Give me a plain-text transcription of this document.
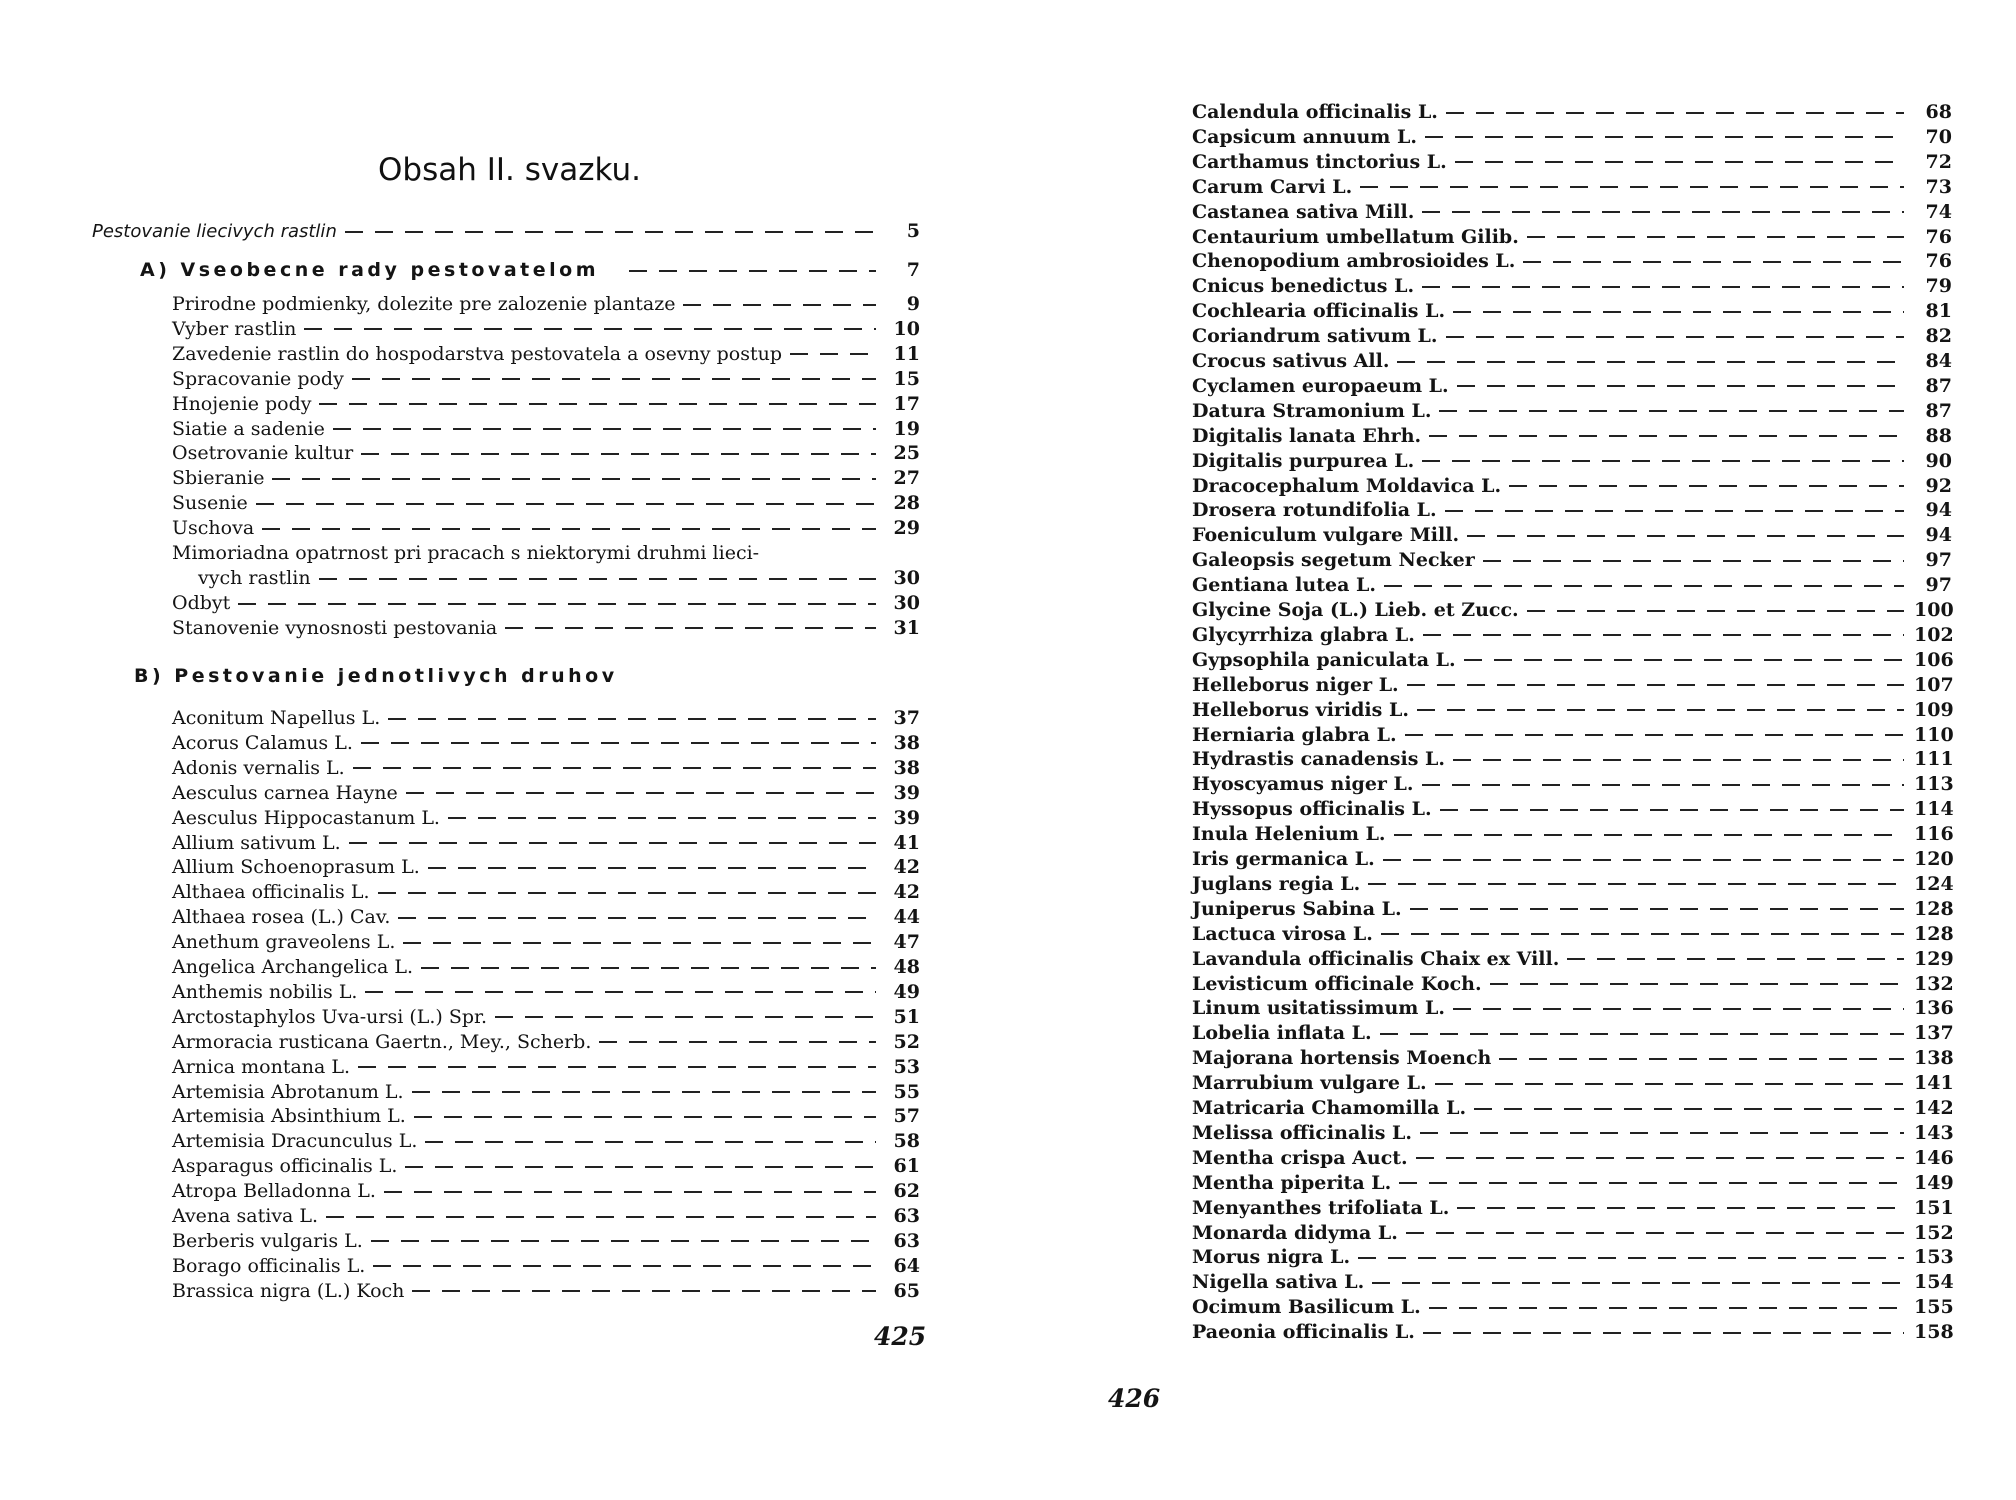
Obsah II. svazku.
Pestovanie liecivych rastlin	5
A) Vseobecne rady pestovatelom	7
Prirodne podmienky, dolezite pre zalozenie plantaze	9
Vyber rastlin	10
Zavedenie rastlin do hospodarstva pestovatela a osevny postup	11
Spracovanie pody	15
Hnojenie pody	17
Siatie a sadenie	19
Osetrovanie kultur	25
Sbieranie	27
Susenie	28
Uschova	29
Mimoriadna opatrnost pri pracach s niektorymi druhmi lieci-
vych rastlin	30
Odbyt	30
Stanovenie vynosnosti pestovania	31
B) Pestovanie jednotlivych druhov
Aconitum Napellus L.	37
Acorus Calamus L.	38
Adonis vernalis L.	38
Aesculus carnea Hayne	39
Aesculus Hippocastanum L.	39
Allium sativum L.	41
Allium Schoenoprasum L.	42
Althaea officinalis L.	42
Althaea rosea (L.) Cav.	44
Anethum graveolens L.	47
Angelica Archangelica L.	48
Anthemis nobilis L.	49
Arctostaphylos Uva-ursi (L.) Spr.	51
Armoracia rusticana Gaertn., Mey., Scherb.	52
Arnica montana L.	53
Artemisia Abrotanum L.	55
Artemisia Absinthium L.	57
Artemisia Dracunculus L.	58
Asparagus officinalis L.	61
Atropa Belladonna L.	62
Avena sativa L.	63
Berberis vulgaris L.	63
Borago officinalis L.	64
Brassica nigra (L.) Koch	65
425
Calendula officinalis L.	68
Capsicum annuum L.	70
Carthamus tinctorius L.	72
Carum Carvi L.	73
Castanea sativa Mill.	74
Centaurium umbellatum Gilib.	76
Chenopodium ambrosioides L.	76
Cnicus benedictus L.	79
Cochlearia officinalis L.	81
Coriandrum sativum L.	82
Crocus sativus All.	84
Cyclamen europaeum L.	87
Datura Stramonium L.	87
Digitalis lanata Ehrh.	88
Digitalis purpurea L.	90
Dracocephalum Moldavica L.	92
Drosera rotundifolia L.	94
Foeniculum vulgare Mill.	94
Galeopsis segetum Necker	97
Gentiana lutea L.	97
Glycine Soja (L.) Lieb. et Zucc.	100
Glycyrrhiza glabra L.	102
Gypsophila paniculata L.	106
Helleborus niger L.	107
Helleborus viridis L.	109
Herniaria glabra L.	110
Hydrastis canadensis L.	111
Hyoscyamus niger L.	113
Hyssopus officinalis L.	114
Inula Helenium L.	116
Iris germanica L.	120
Juglans regia L.	124
Juniperus Sabina L.	128
Lactuca virosa L.	128
Lavandula officinalis Chaix ex Vill.	129
Levisticum officinale Koch.	132
Linum usitatissimum L.	136
Lobelia inflata L.	137
Majorana hortensis Moench	138
Marrubium vulgare L.	141
Matricaria Chamomilla L.	142
Melissa officinalis L.	143
Mentha crispa Auct.	146
Mentha piperita L.	149
Menyanthes trifoliata L.	151
Monarda didyma L.	152
Morus nigra L.	153
Nigella sativa L.	154
Ocimum Basilicum L.	155
Paeonia officinalis L.	158
426
